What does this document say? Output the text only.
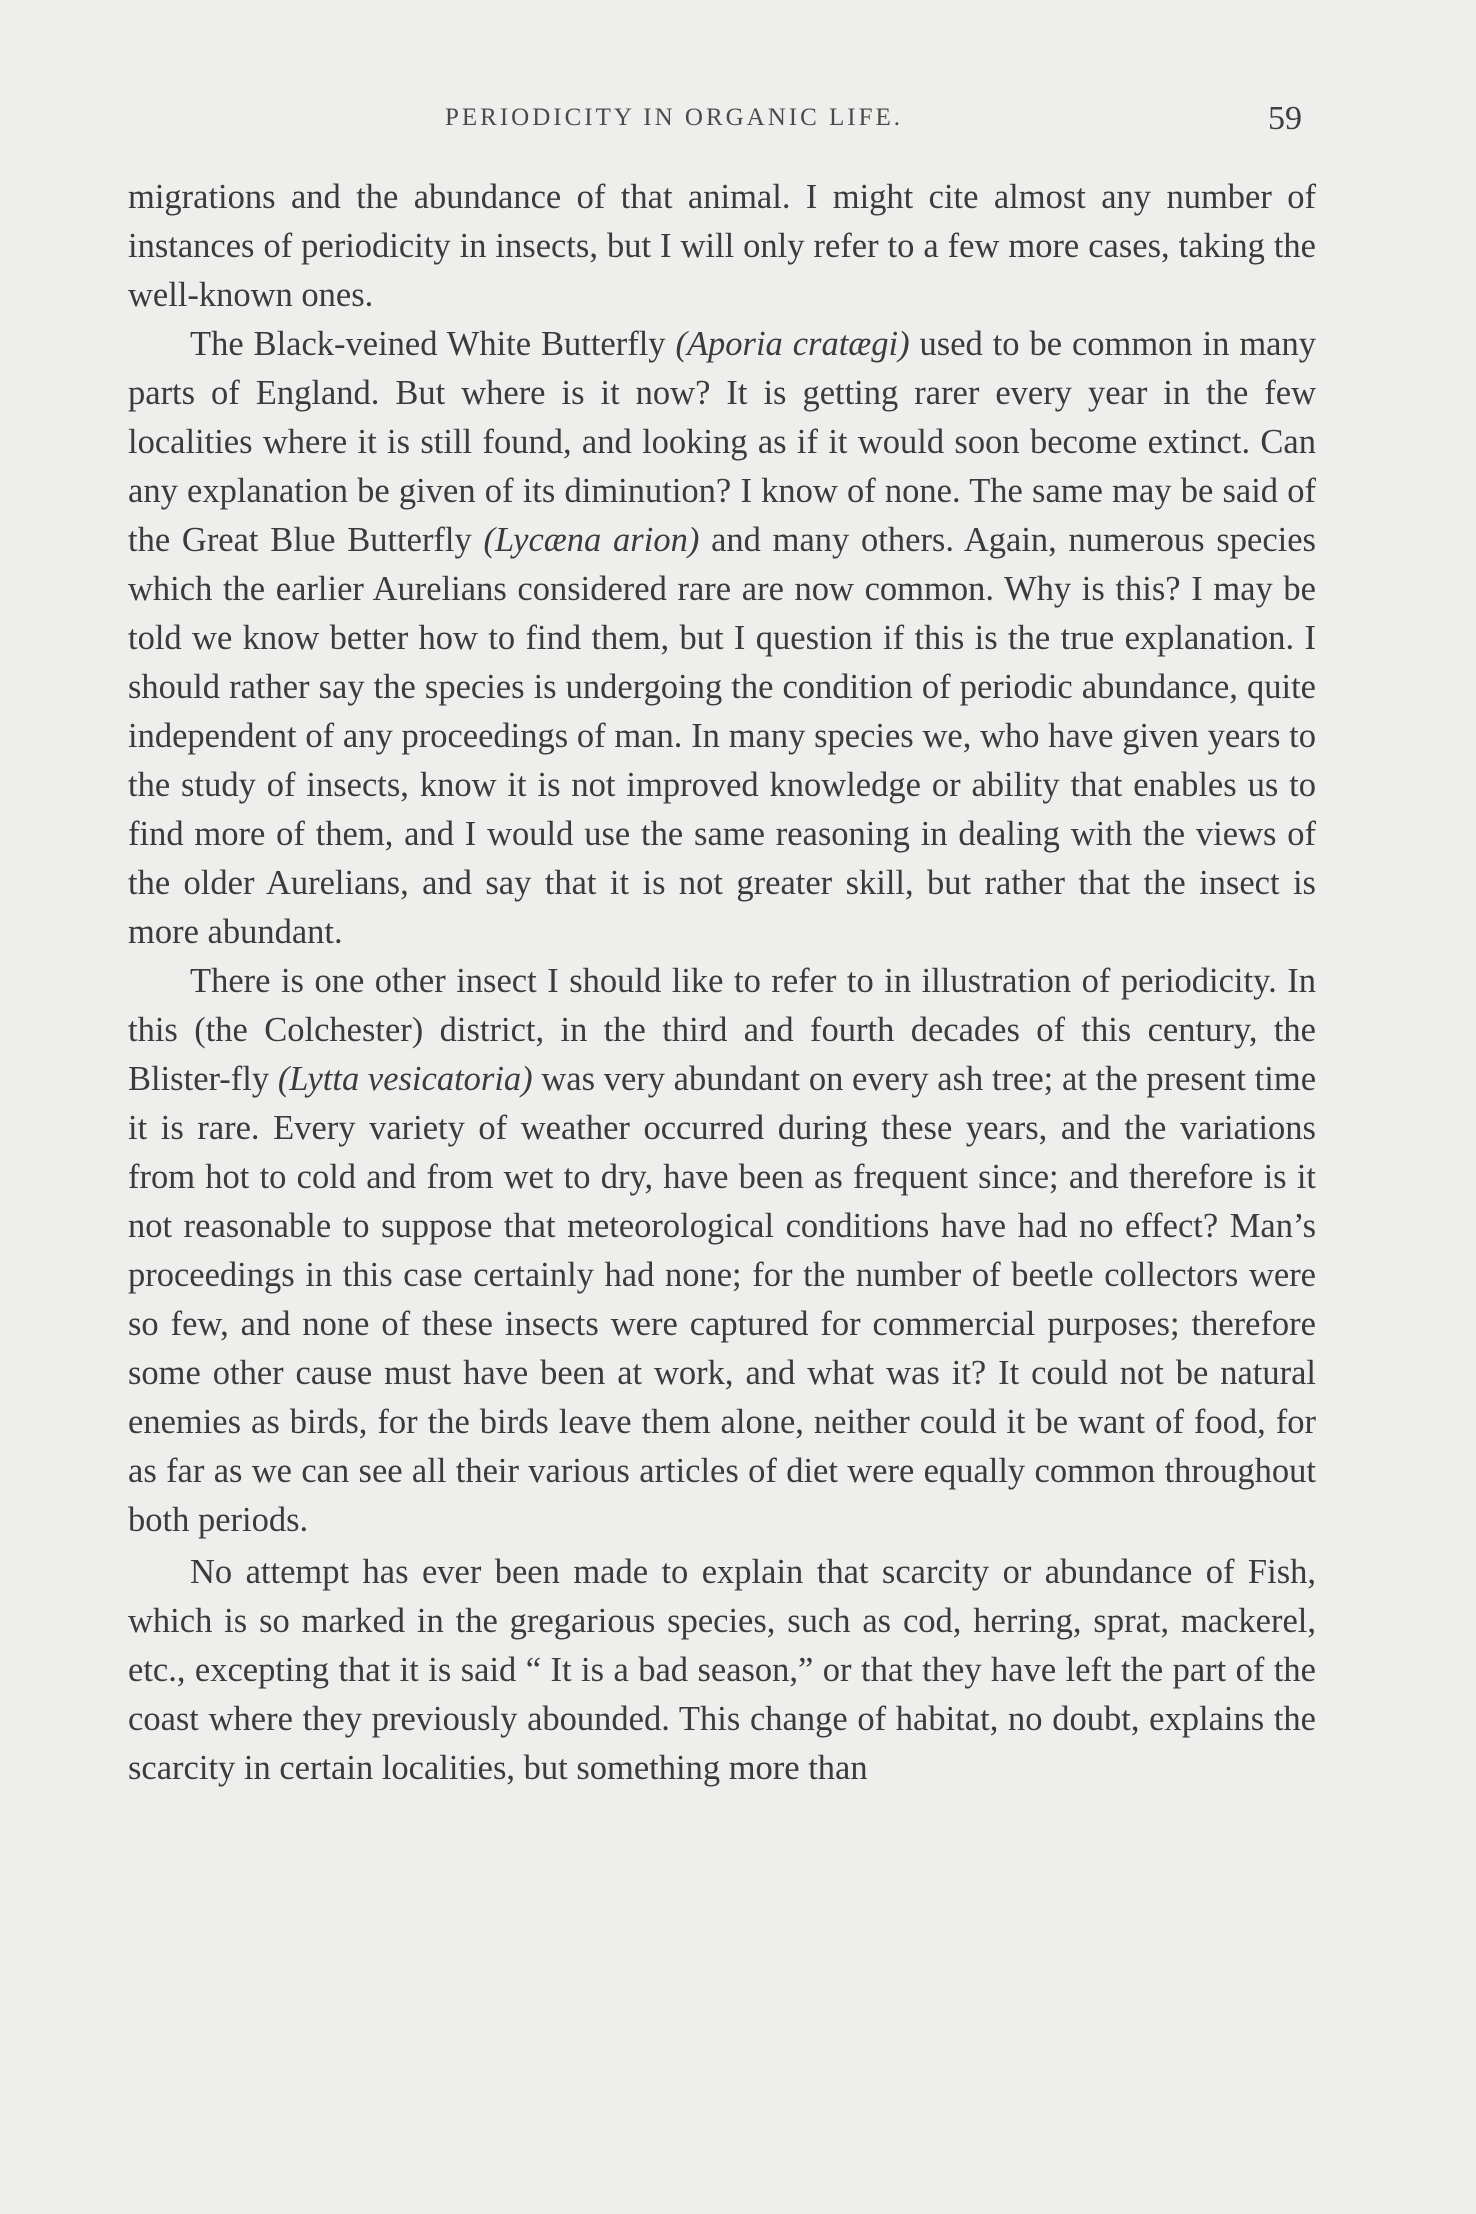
PERIODICITY IN ORGANIC LIFE.	59

migrations and the abundance of that animal. I might cite almost any number of instances of periodicity in insects, but I will only refer to a few more cases, taking the well-known ones.

The Black-veined White Butterfly (Aporia cratægi) used to be common in many parts of England. But where is it now? It is getting rarer every year in the few localities where it is still found, and looking as if it would soon become extinct. Can any explanation be given of its diminution? I know of none. The same may be said of the Great Blue Butterfly (Lycæna arion) and many others. Again, numerous species which the earlier Aurelians considered rare are now common. Why is this? I may be told we know better how to find them, but I question if this is the true explanation. I should rather say the species is undergoing the condition of periodic abundance, quite independent of any proceedings of man. In many species we, who have given years to the study of insects, know it is not improved knowledge or ability that enables us to find more of them, and I would use the same reasoning in dealing with the views of the older Aurelians, and say that it is not greater skill, but rather that the insect is more abundant.

There is one other insect I should like to refer to in illustration of periodicity. In this (the Colchester) district, in the third and fourth decades of this century, the Blister-fly (Lytta vesicatoria) was very abundant on every ash tree; at the present time it is rare. Every variety of weather occurred during these years, and the variations from hot to cold and from wet to dry, have been as frequent since; and therefore is it not reasonable to suppose that meteorological conditions have had no effect? Man’s proceedings in this case certainly had none; for the number of beetle collectors were so few, and none of these insects were captured for commercial purposes; therefore some other cause must have been at work, and what was it? It could not be natural enemies as birds, for the birds leave them alone, neither could it be want of food, for as far as we can see all their various articles of diet were equally common throughout both periods.

No attempt has ever been made to explain that scarcity or abundance of Fish, which is so marked in the gregarious species, such as cod, herring, sprat, mackerel, etc., excepting that it is said “ It is a bad season,” or that they have left the part of the coast where they previously abounded. This change of habitat, no doubt, explains the scarcity in certain localities, but something more than
